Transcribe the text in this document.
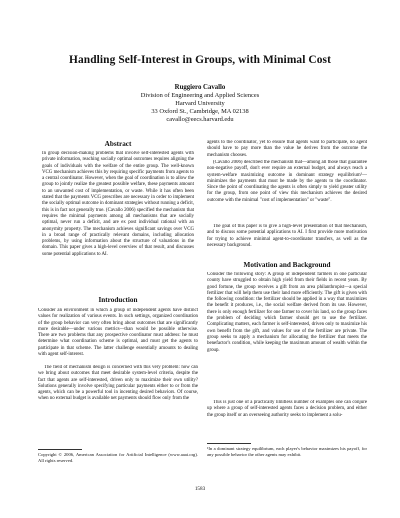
Handling Self-Interest in Groups, with Minimal Cost
Ruggiero Cavallo
Division of Engineering and Applied Sciences
Harvard University
33 Oxford St., Cambridge, MA 02138
cavallo@eecs.harvard.edu
Abstract
In group decision-making problems that involve self-interested agents with private information, reaching socially optimal outcomes requires aligning the goals of individuals with the welfare of the entire group. The well-known VCG mechanism achieves this by requiring specific payments from agents to a central coordinator. However, when the goal of coordination is to allow the group to jointly realize the greatest possible welfare, these payments amount to an unwanted cost of implementation, or waste. While it has often been stated that the payments VCG prescribes are necessary in order to implement the socially optimal outcome in dominant strategies without running a deficit, this is in fact not generally true. (Cavallo 2006) specified the mechanism that requires the minimal payments among all mechanisms that are socially optimal, never run a deficit, and are ex post individual rational with an anonymity property. The mechanism achieves significant savings over VCG in a broad range of practically relevant domains, including allocation problems, by using information about the structure of valuations in the domain. This paper gives a high-level overview of that result, and discusses some potential applications to AI.
Introduction
Consider an environment in which a group of independent agents have distinct values for realization of various events. In such settings, organized coordination of the group behavior can very often bring about outcomes that are significantly more desirable—under various metrics—than would be possible otherwise. There are two problems that any prospective coordinator must address: he must determine what coordination scheme is optimal, and must get the agents to participate in that scheme. The latter challenge essentially amounts to dealing with agent self-interest.
The field of mechanism design is concerned with this very problem: how can we bring about outcomes that meet desirable system-level criteria, despite the fact that agents are self-interested, driven only to maximize their own utility? Solutions generally involve specifying particular payments either to or from the agents, which can be a powerful tool in incenting desired behaviors. Of course, when no external budget is available net payments should flow only from the
Copyright © 2006, American Association for Artificial Intelligence (www.aaai.org). All rights reserved.
agents to the coordinator, yet to ensure that agents want to participate, no agent should have to pay more than the value he derives from the outcome the mechanism chooses.
(Cavallo 2006) described the mechanism that—among all those that guarantee non-negative payoff, don't ever require an external budget, and always reach a system-welfare maximizing outcome in dominant strategy equilibrium¹—minimizes the payments that must be made by the agents to the coordinator. Since the point of coordinating the agents is often simply to yield greater utility for the group, from one point of view this mechanism achieves the desired outcome with the minimal "cost of implementation" or "waste".
The goal of this paper is to give a high-level presentation of that mechanism, and to discuss some potential applications to AI. I first provide more motivation for trying to achieve minimal agent-to-coordinator transfers, as well as the necessary background.
Motivation and Background
Consider the following story: A group of independent farmers in one particular county have struggled to obtain high yield from their fields in recent years. By good fortune, the group receives a gift from an area philanthropist—a special fertilizer that will help them use their land more efficiently. The gift is given with the following condition: the fertilizer should be applied in a way that maximizes the benefit it produces, i.e., the social welfare derived from its use. However, there is only enough fertilizer for one farmer to cover his land, so the group faces the problem of deciding which farmer should get to use the fertilizer. Complicating matters, each farmer is self-interested, driven only to maximize his own benefit from the gift, and values for use of the fertilizer are private. The group seeks to apply a mechanism for allocating the fertilizer that meets the benefactor's condition, while keeping the maximum amount of wealth within the group.
This is just one of a practically limitless number of examples one can conjure up where a group of self-interested agents faces a decision problem, and either the group itself or an overseeing authority seeks to implement a solu-
¹In a dominant strategy equilibrium, each player's behavior maximizes his payoff, for any possible behavior the other agents may exhibit.
1583
